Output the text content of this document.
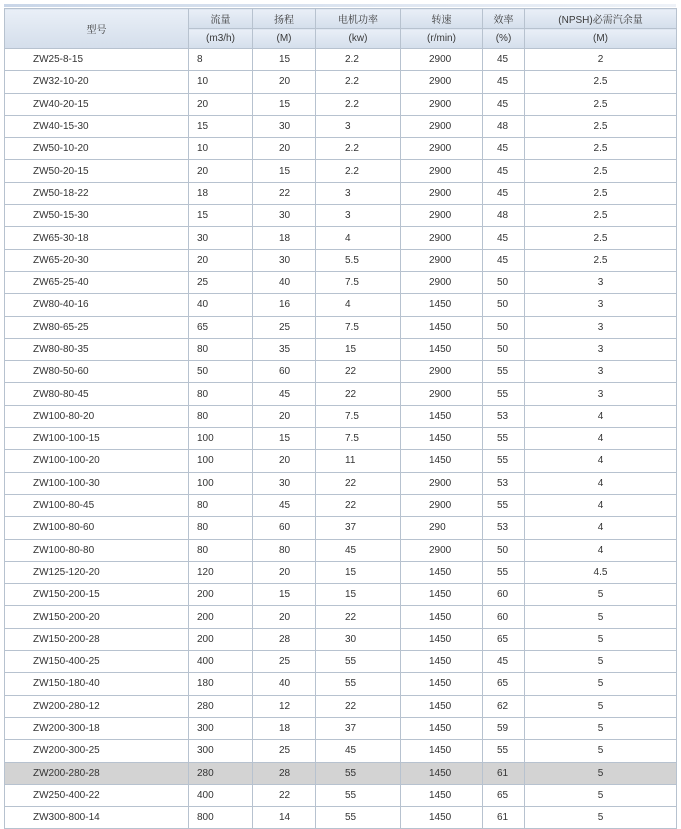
型号	流量	扬程	电机功率	转速	效率	(NPSH)必需汽余量
	(m3/h)	(M)	(kw)	(r/min)	(%)	(M)
ZW25-8-15	8	15	2.2	2900	45	2
ZW32-10-20	10	20	2.2	2900	45	2.5
ZW40-20-15	20	15	2.2	2900	45	2.5
ZW40-15-30	15	30	3	2900	48	2.5
ZW50-10-20	10	20	2.2	2900	45	2.5
ZW50-20-15	20	15	2.2	2900	45	2.5
ZW50-18-22	18	22	3	2900	45	2.5
ZW50-15-30	15	30	3	2900	48	2.5
ZW65-30-18	30	18	4	2900	45	2.5
ZW65-20-30	20	30	5.5	2900	45	2.5
ZW65-25-40	25	40	7.5	2900	50	3
ZW80-40-16	40	16	4	1450	50	3
ZW80-65-25	65	25	7.5	1450	50	3
ZW80-80-35	80	35	15	1450	50	3
ZW80-50-60	50	60	22	2900	55	3
ZW80-80-45	80	45	22	2900	55	3
ZW100-80-20	80	20	7.5	1450	53	4
ZW100-100-15	100	15	7.5	1450	55	4
ZW100-100-20	100	20	11	1450	55	4
ZW100-100-30	100	30	22	2900	53	4
ZW100-80-45	80	45	22	2900	55	4
ZW100-80-60	80	60	37	290	53	4
ZW100-80-80	80	80	45	2900	50	4
ZW125-120-20	120	20	15	1450	55	4.5
ZW150-200-15	200	15	15	1450	60	5
ZW150-200-20	200	20	22	1450	60	5
ZW150-200-28	200	28	30	1450	65	5
ZW150-400-25	400	25	55	1450	45	5
ZW150-180-40	180	40	55	1450	65	5
ZW200-280-12	280	12	22	1450	62	5
ZW200-300-18	300	18	37	1450	59	5
ZW200-300-25	300	25	45	1450	55	5
ZW200-280-28	280	28	55	1450	61	5
ZW250-400-22	400	22	55	1450	65	5
ZW300-800-14	800	14	55	1450	61	5
